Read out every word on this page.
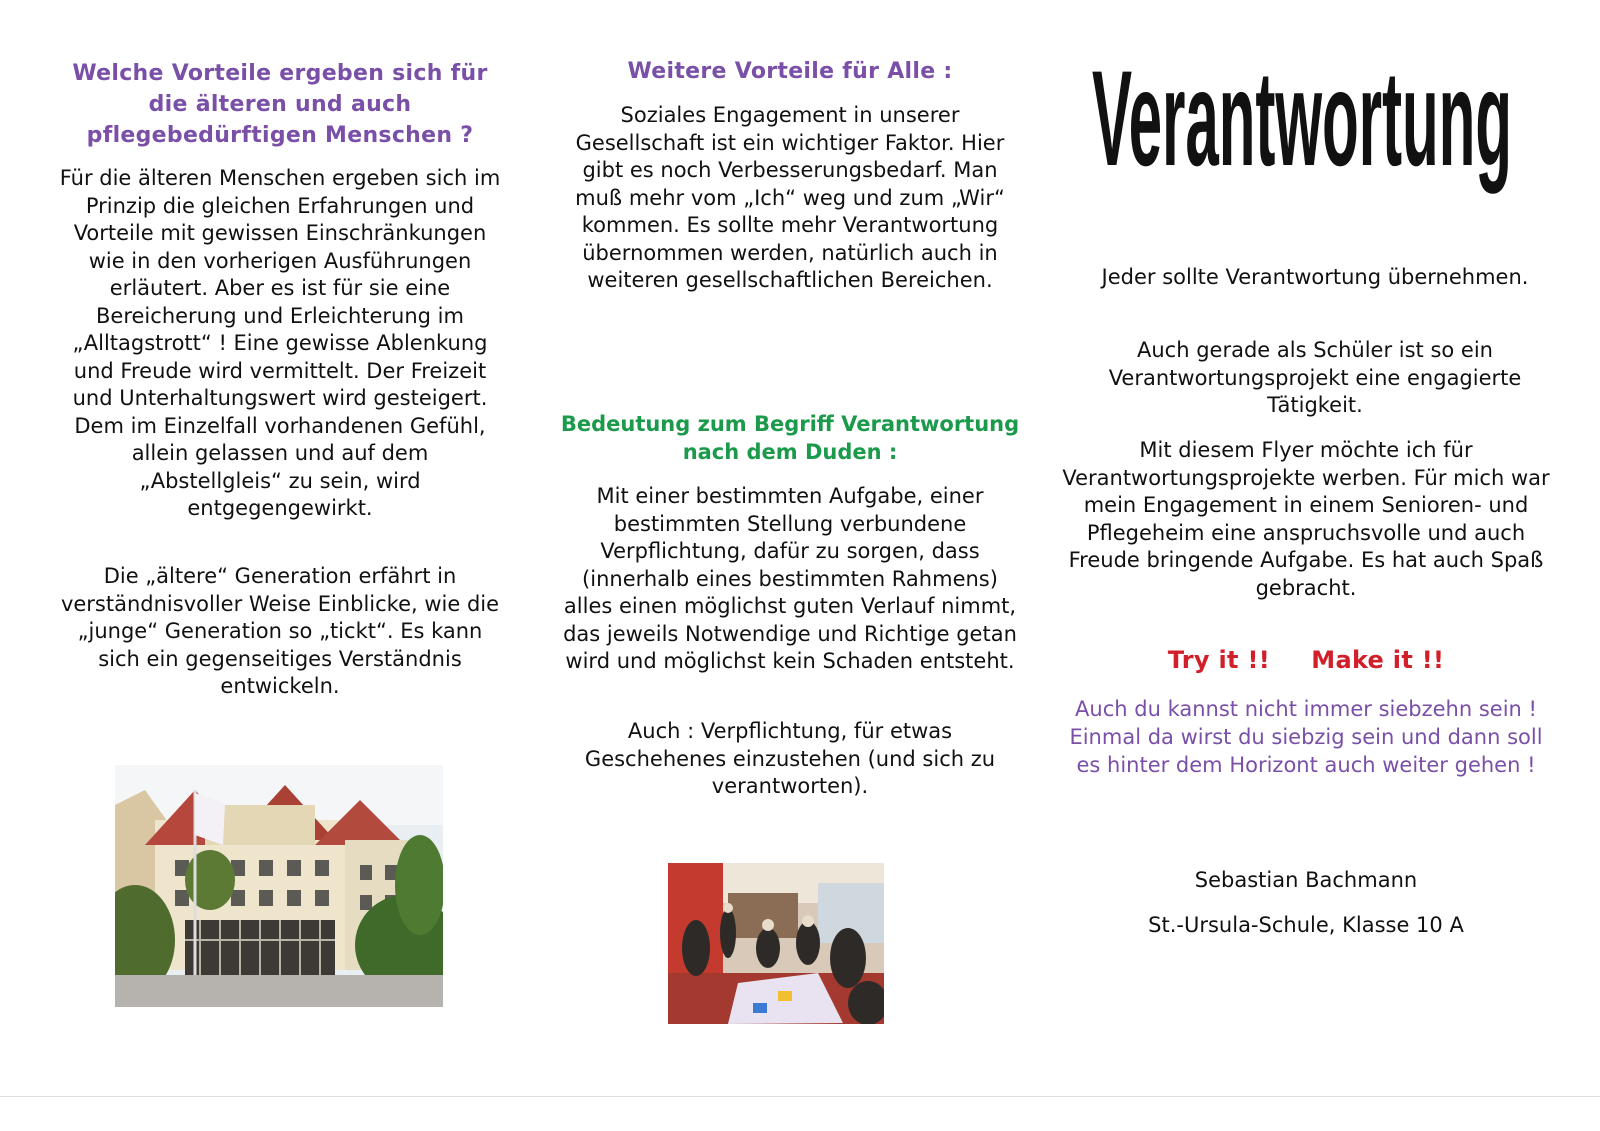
Welche Vorteile ergeben sich für die älteren und auch pflegebedürftigen Menschen ?
Für die älteren Menschen ergeben sich im Prinzip die gleichen Erfahrungen und Vorteile mit gewissen Einschränkungen wie in den vorherigen Ausführungen erläutert. Aber es ist für sie eine Bereicherung und Erleichterung im „Alltagstrott“ ! Eine gewisse Ablenkung und Freude wird vermittelt. Der Freizeit und Unterhaltungswert wird gesteigert. Dem im Einzelfall vorhandenen Gefühl, allein gelassen und auf dem „Abstellgleis“ zu sein, wird entgegengewirkt.
Die „ältere“ Generation erfährt in verständnisvoller Weise Einblicke, wie die „junge“ Generation so „tickt“. Es kann sich ein gegenseitiges Verständnis entwickeln.
Weitere Vorteile für Alle :
Soziales Engagement in unserer Gesellschaft ist ein wichtiger Faktor. Hier gibt es noch Verbesserungsbedarf. Man muß mehr vom „Ich“ weg und zum „Wir“ kommen. Es sollte mehr Verantwortung übernommen werden, natürlich auch in weiteren gesellschaftlichen Bereichen.
Bedeutung zum Begriff Verantwortung nach dem Duden :
Mit einer bestimmten Aufgabe, einer bestimmten Stellung verbundene Verpflichtung, dafür zu sorgen, dass (innerhalb eines bestimmten Rahmens) alles einen möglichst guten Verlauf nimmt, das jeweils Notwendige und Richtige getan wird und möglichst kein Schaden entsteht.
Auch : Verpflichtung, für etwas Geschehenes einzustehen (und sich zu verantworten).
Verantwortung
Jeder sollte Verantwortung übernehmen.
Auch gerade als Schüler ist so ein Verantwortungsprojekt eine engagierte Tätigkeit.
Mit diesem Flyer möchte ich für Verantwortungsprojekte werben. Für mich war mein Engagement in einem Senioren- und Pflegeheim eine anspruchsvolle und auch Freude bringende Aufgabe. Es hat auch Spaß gebracht.
Try it !! Make it !!
Auch du kannst nicht immer siebzehn sein ! Einmal da wirst du siebzig sein und dann soll es hinter dem Horizont auch weiter gehen !
Sebastian Bachmann
St.-Ursula-Schule, Klasse 10 A
